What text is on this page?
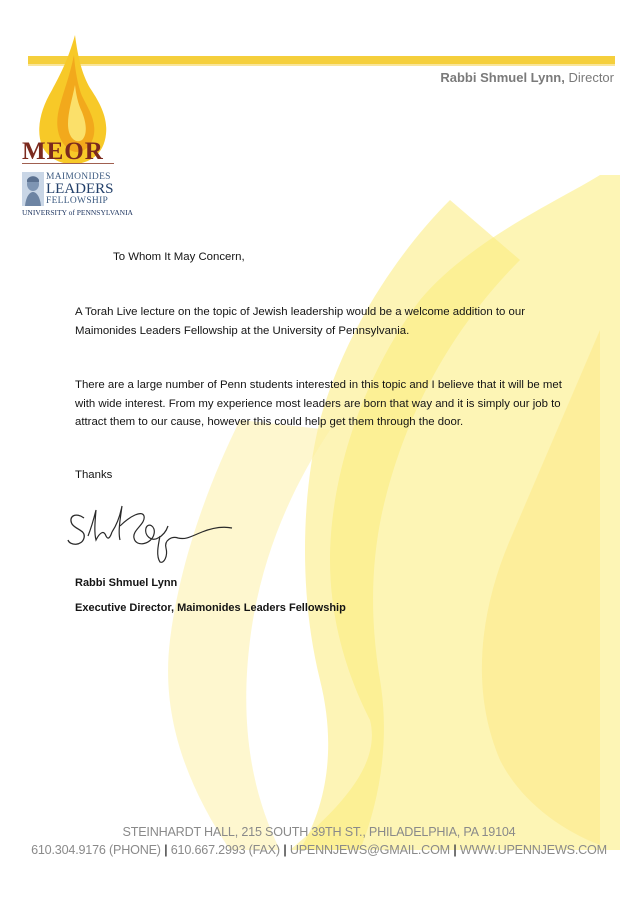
Rabbi Shmuel Lynn, Director
MEOR
MAIMONIDES
LEADERS
FELLOWSHIP
UNIVERSITY of PENNSYLVANIA
To Whom It May Concern,
A Torah Live lecture on the topic of Jewish leadership would be a welcome addition to our Maimonides Leaders Fellowship at the University of Pennsylvania.
There are a large number of Penn students interested in this topic and I believe that it will be met with wide interest. From my experience most leaders are born that way and it is simply our job to attract them to our cause, however this could help get them through the door.
Thanks
Rabbi Shmuel Lynn
Executive Director, Maimonides Leaders Fellowship
STEINHARDT HALL, 215 SOUTH 39TH ST., PHILADELPHIA, PA 19104
610.304.9176 (PHONE) | 610.667.2993 (FAX) | UPENNJEWS@GMAIL.COM | WWW.UPENNJEWS.COM
